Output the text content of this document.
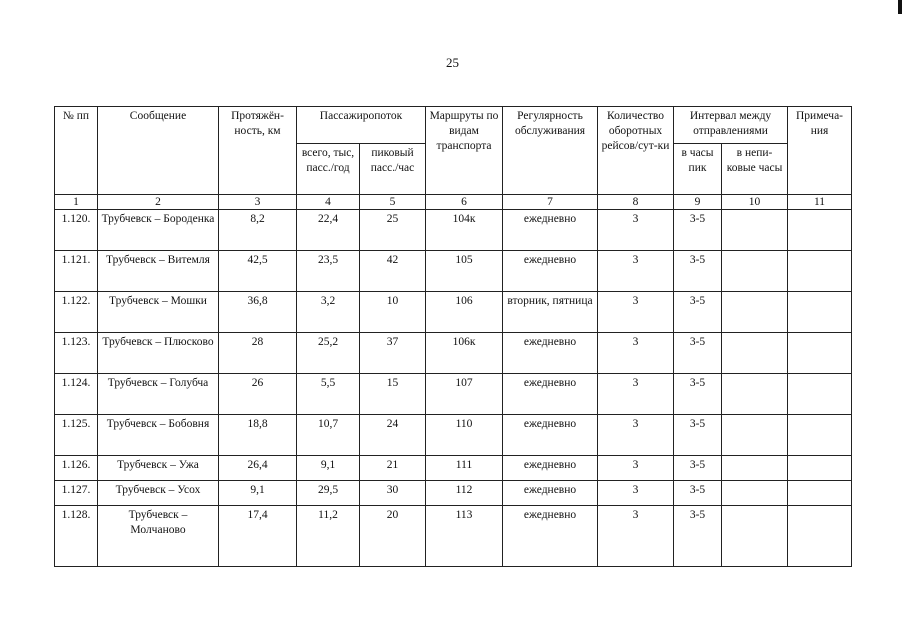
25
№ пп	Сообщение	Протяжён-ность, км	Пассажиропоток		Маршруты по видам транспорта	Регулярность обслуживания	Количество оборотных рейсов/сут-ки	Интервал между отправлениями		Примеча-ния
			всего, тыс, пасс./год	пиковый пасс./час				в часы пик	в непи-ковые часы	
1	2	3	4	5	6	7	8	9	10	11
1.120.	Трубчевск – Бороденка	8,2	22,4	25	104к	ежедневно	3	3-5		
1.121.	Трубчевск – Витемля	42,5	23,5	42	105	ежедневно	3	3-5		
1.122.	Трубчевск – Мошки	36,8	3,2	10	106	вторник, пятница	3	3-5		
1.123.	Трубчевск – Плюсково	28	25,2	37	106к	ежедневно	3	3-5		
1.124.	Трубчевск – Голубча	26	5,5	15	107	ежедневно	3	3-5		
1.125.	Трубчевск – Бобовня	18,8	10,7	24	110	ежедневно	3	3-5		
1.126.	Трубчевск – Ужа	26,4	9,1	21	111	ежедневно	3	3-5		
1.127.	Трубчевск – Усох	9,1	29,5	30	112	ежедневно	3	3-5		
1.128.	Трубчевск – Молчаново	17,4	11,2	20	113	ежедневно	3	3-5		
